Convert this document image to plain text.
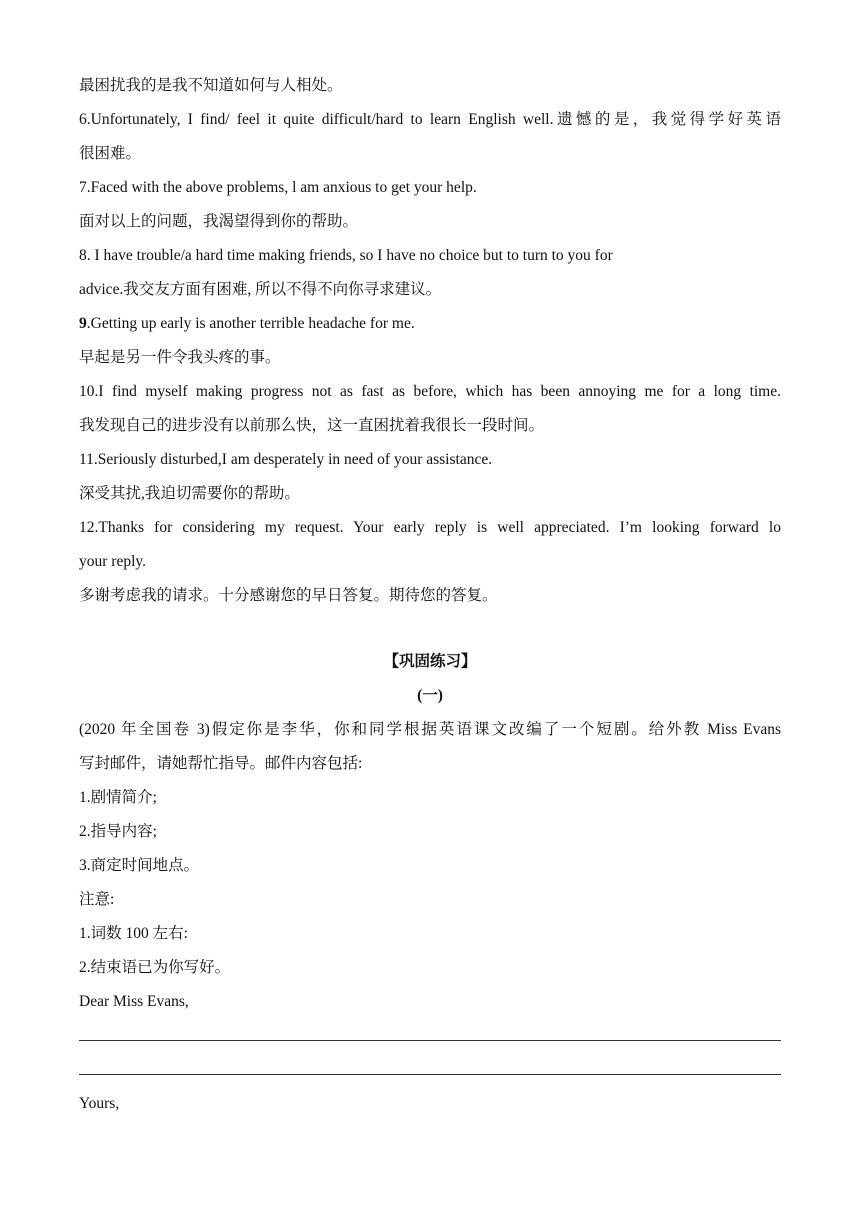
最困扰我的是我不知道如何与人相处。
6.Unfortunately, I find/ feel it quite difficult/hard to learn English well.遗憾的是，我觉得学好英语
很困难。
7.Faced with the above problems, l am anxious to get your help.
面对以上的问题，我渴望得到你的帮助。
8. I have trouble/a hard time making friends, so I have no choice but to turn to you for
advice.我交友方面有困难, 所以不得不向你寻求建议。
9.Getting up early is another terrible headache for me.
早起是另一件令我头疼的事。
10.I find myself making progress not as fast as before, which has been annoying me for a long time.
我发现自己的进步没有以前那么快，这一直困扰着我很长一段时间。
11.Seriously disturbed,I am desperately in need of your assistance.
深受其扰,我迫切需要你的帮助。
12.Thanks for considering my request. Your early reply is well appreciated. I’m looking forward lo
your reply.
多谢考虑我的请求。十分感谢您的早日答复。期待您的答复。
【巩固练习】
(一)
(2020 年全国卷 3)假定你是李华，你和同学根据英语课文改编了一个短剧。给外教 Miss Evans
写封邮件，请她帮忙指导。邮件内容包括:
1.剧情简介;
2.指导内容;
3.商定时间地点。
注意:
1.词数 100 左右:
2.结束语已为你写好。
Dear Miss Evans,
Yours,
